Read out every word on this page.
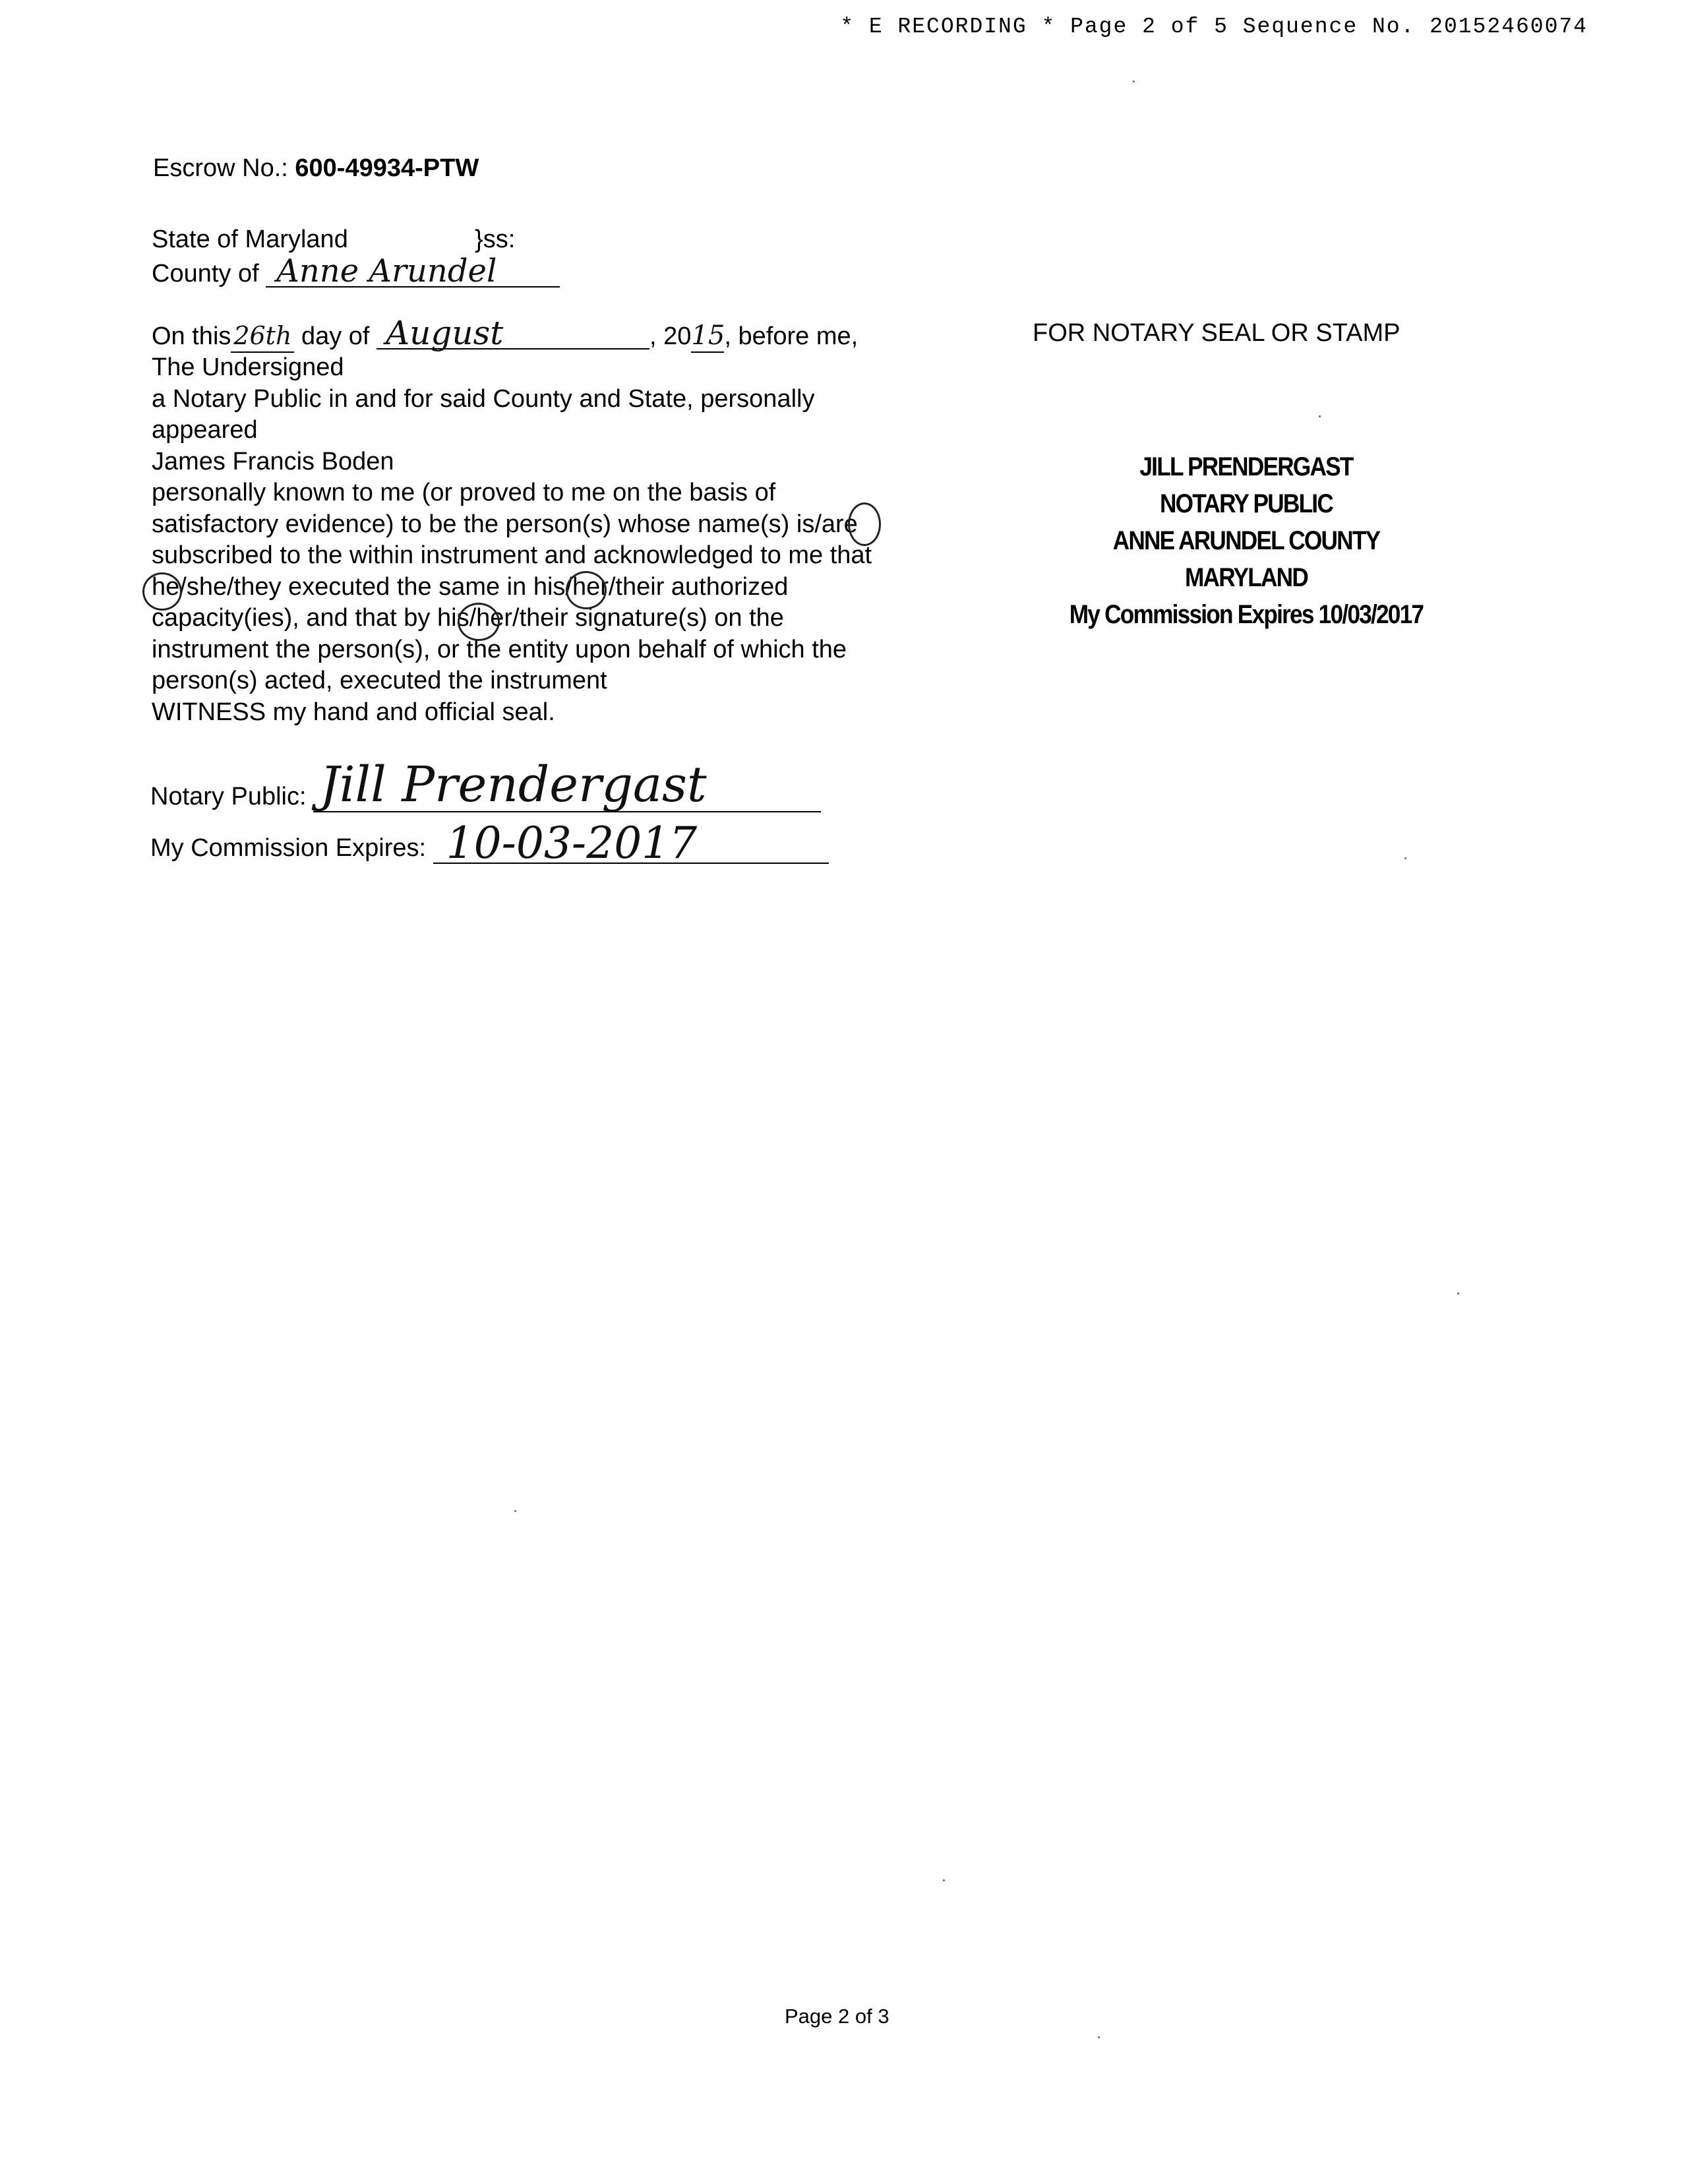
* E RECORDING * Page 2 of 5 Sequence No. 20152460074
Escrow No.: 600-49934-PTW
State of Maryland	}ss:
County of Anne Arundel
On this 26th day of August	, 2015, before me,
The Undersigned
a Notary Public in and for said County and State, personally
appeared
James Francis Boden
personally known to me (or proved to me on the basis of
satisfactory evidence) to be the person(s) whose name(s) is/are
subscribed to the within instrument and acknowledged to me that
he/she/they executed the same in his/her/their authorized
capacity(ies), and that by his/her/their signature(s) on the
instrument the person(s), or the entity upon behalf of which the
person(s) acted, executed the instrument
WITNESS my hand and official seal.
Notary Public: Jill Prendergast
My Commission Expires: 10-03-2017
FOR NOTARY SEAL OR STAMP
JILL PRENDERGAST
NOTARY PUBLIC
ANNE ARUNDEL COUNTY
MARYLAND
My Commission Expires 10/03/2017
Page 2 of 3
